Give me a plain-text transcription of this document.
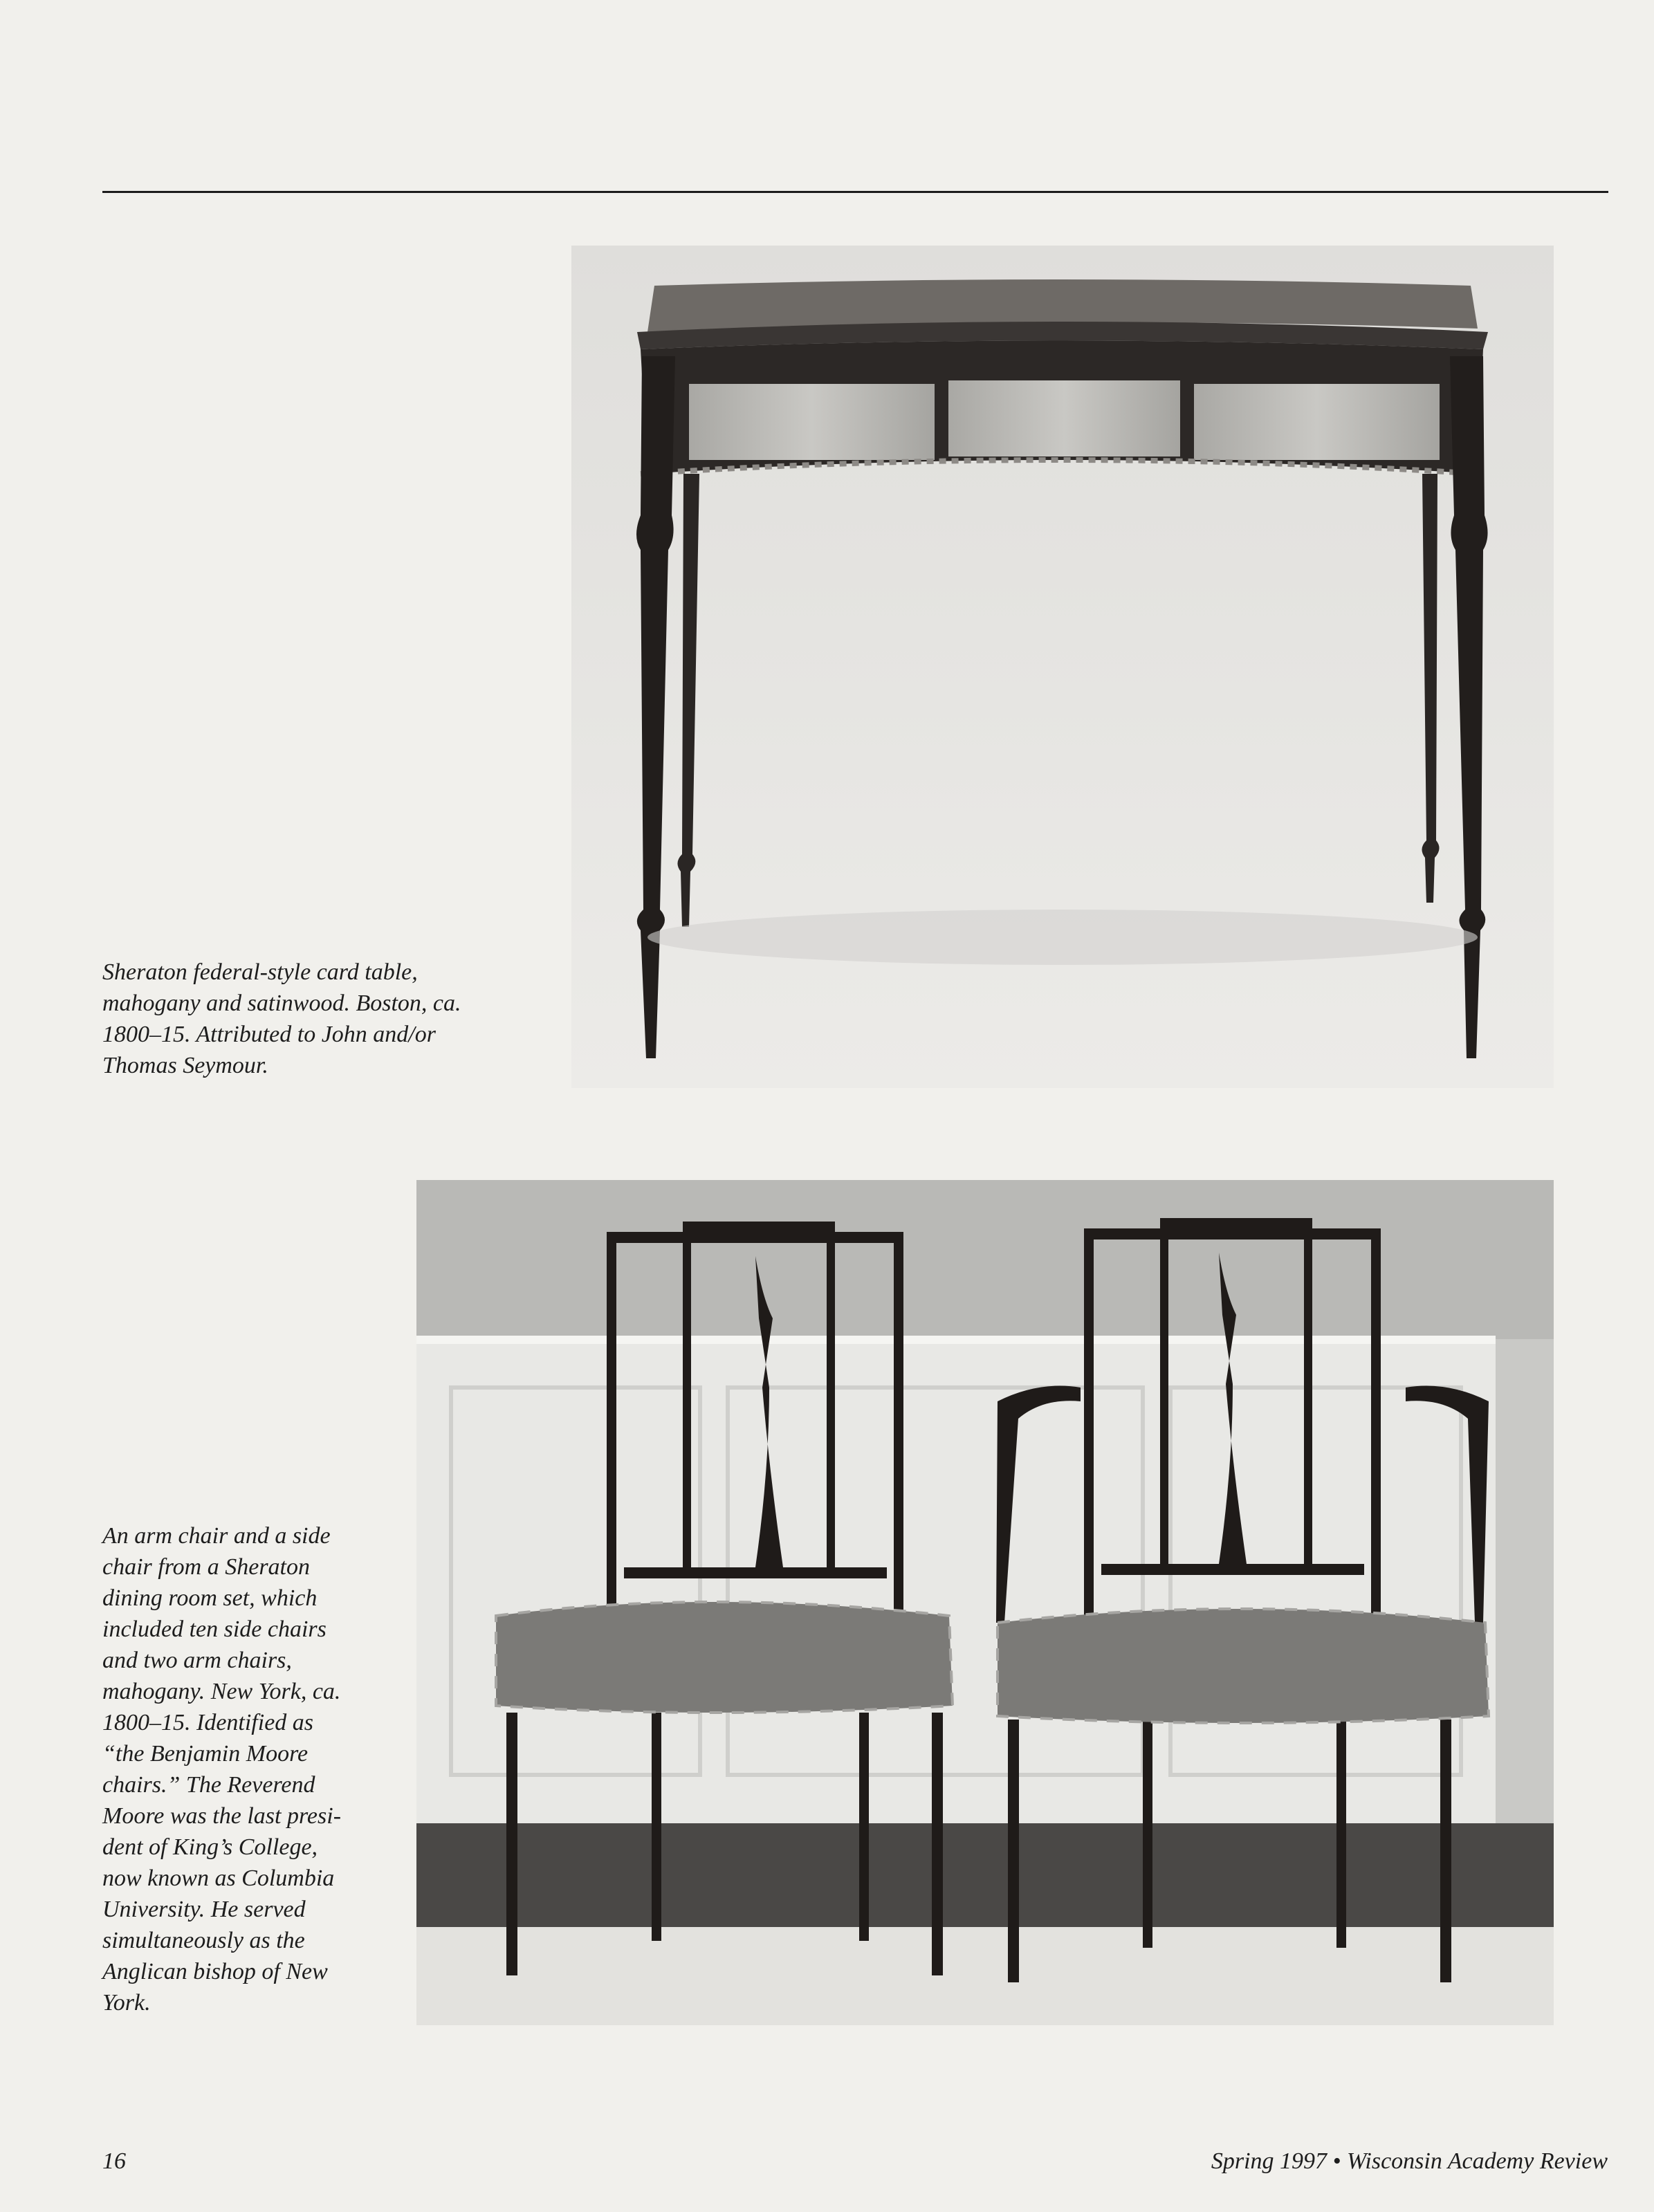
Sheraton federal-style card table,
mahogany and satinwood. Boston, ca.
1800–15. Attributed to John and/or
Thomas Seymour.
An arm chair and a side
chair from a Sheraton
dining room set, which
included ten side chairs
and two arm chairs,
mahogany. New York, ca.
1800–15. Identified as
“the Benjamin Moore
chairs.” The Reverend
Moore was the last presi-
dent of King’s College,
now known as Columbia
University. He served
simultaneously as the
Anglican bishop of New
York.
16	Spring 1997 • Wisconsin Academy Review
